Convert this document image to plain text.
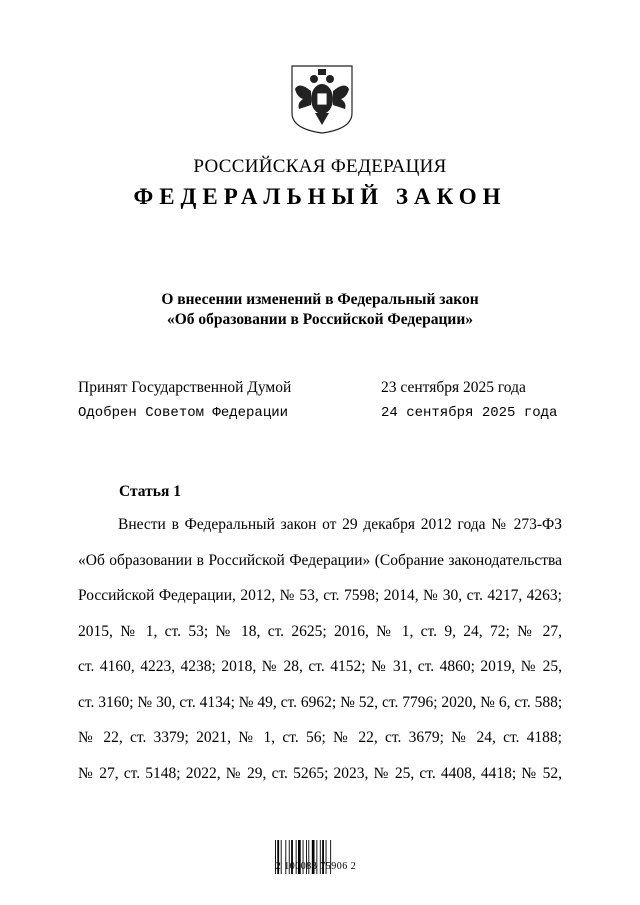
РОССИЙСКАЯ ФЕДЕРАЦИЯ
ФЕДЕРАЛЬНЫЙ ЗАКОН
О внесении изменений в Федеральный закон
«Об образовании в Российской Федерации»
Принят Государственной Думой	23 сентября 2025 года
Одобрен Советом Федерации	24 сентября 2025 года
Статья 1
Внести в Федеральный закон от 29 декабря 2012 года № 273-ФЗ
«Об образовании в Российской Федерации» (Собрание законодательства
Российской Федерации, 2012, № 53, ст. 7598; 2014, № 30, ст. 4217, 4263;
2015, № 1, ст. 53; № 18, ст. 2625; 2016, № 1, ст. 9, 24, 72; № 27,
ст. 4160, 4223, 4238; 2018, № 28, ст. 4152; № 31, ст. 4860; 2019, № 25,
ст. 3160; № 30, ст. 4134; № 49, ст. 6962; № 52, ст. 7796; 2020, № 6, ст. 588;
№ 22, ст. 3379; 2021, № 1, ст. 56; № 22, ст. 3679; № 24, ст. 4188;
№ 27, ст. 5148; 2022, № 29, ст. 5265; 2023, № 25, ст. 4408, 4418; № 52,
2 100088 75906 2
